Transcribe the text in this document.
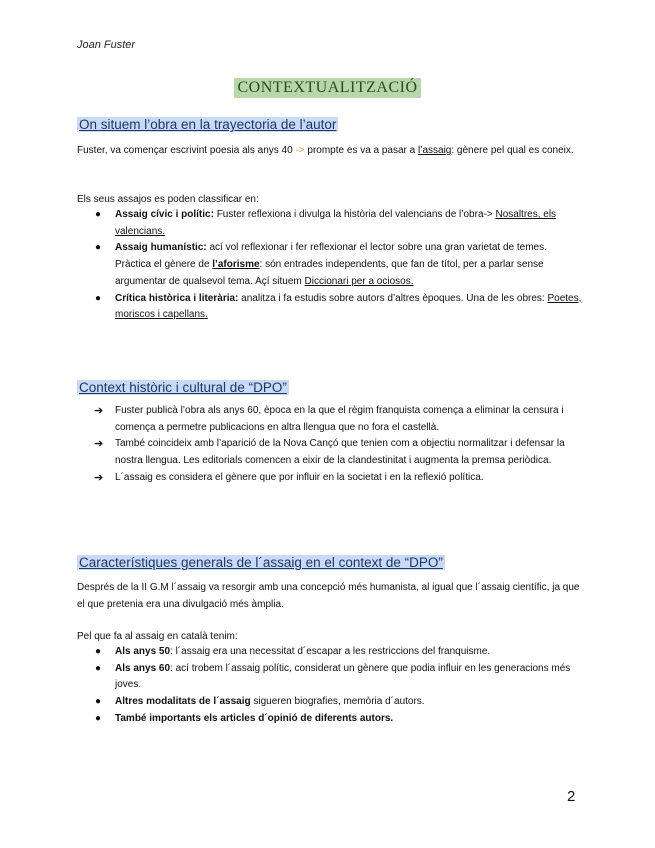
Joan Fuster
CONTEXTUALITZACIÓ
On situem l’obra en la trayectoria de l’autor
Fuster, va començar escrivint poesia als anys 40 -> prompte es va a pasar a l’assaig: gènere pel qual es coneix.
Els seus assajos es poden classificar en:
● Assaig cívic i polític: Fuster reflexiona i divulga la història del valencians de l’obra-> Nosaltres, els valencians.
● Assaig humanístic: ací vol reflexionar i fer reflexionar el lector sobre una gran varietat de temes. Pràctica el gènere de l’aforisme: són entrades independents, que fan de títol, per a parlar sense argumentar de qualsevol tema. Açí situem Diccionari per a ociosos.
● Crítica històrica i literària: analitza i fa estudis sobre autors d’altres èpoques. Una de les obres: Poetes, moriscos i capellans.
Context històric i cultural de “DPO”
➔ Fuster publicà l’obra als anys 60, època en la que el règim franquista comença a eliminar la censura i comença a permetre publicacions en altra llengua que no fora el castellà.
➔ També coincideix amb l’aparició de la Nova Cançó que tenien com a objectiu normalitzar i defensar la nostra llengua. Les editorials comencen a eixir de la clandestinitat i augmenta la premsa periòdica.
➔ L´assaig es considera el gènere que por influir en la societat i en la reflexió política.
Característiques generals de l´assaig en el context de “DPO”
Després de la II G.M l´assaig va resorgir amb una concepció més humanista, al igual que l´assaig científic, ja que el que pretenia era una divulgació més àmplia.
Pel que fa al assaig en català tenim:
● Als anys 50: l´assaig era una necessitat d´escapar a les restriccions del franquisme.
● Als anys 60: ací trobem l´assaig polític, considerat un gènere que podia influir en les generacions més joves.
● Altres modalitats de l´assaig sigueren biografies, memòria d´autors.
● També importants els articles d´opinió de diferents autors.
2
